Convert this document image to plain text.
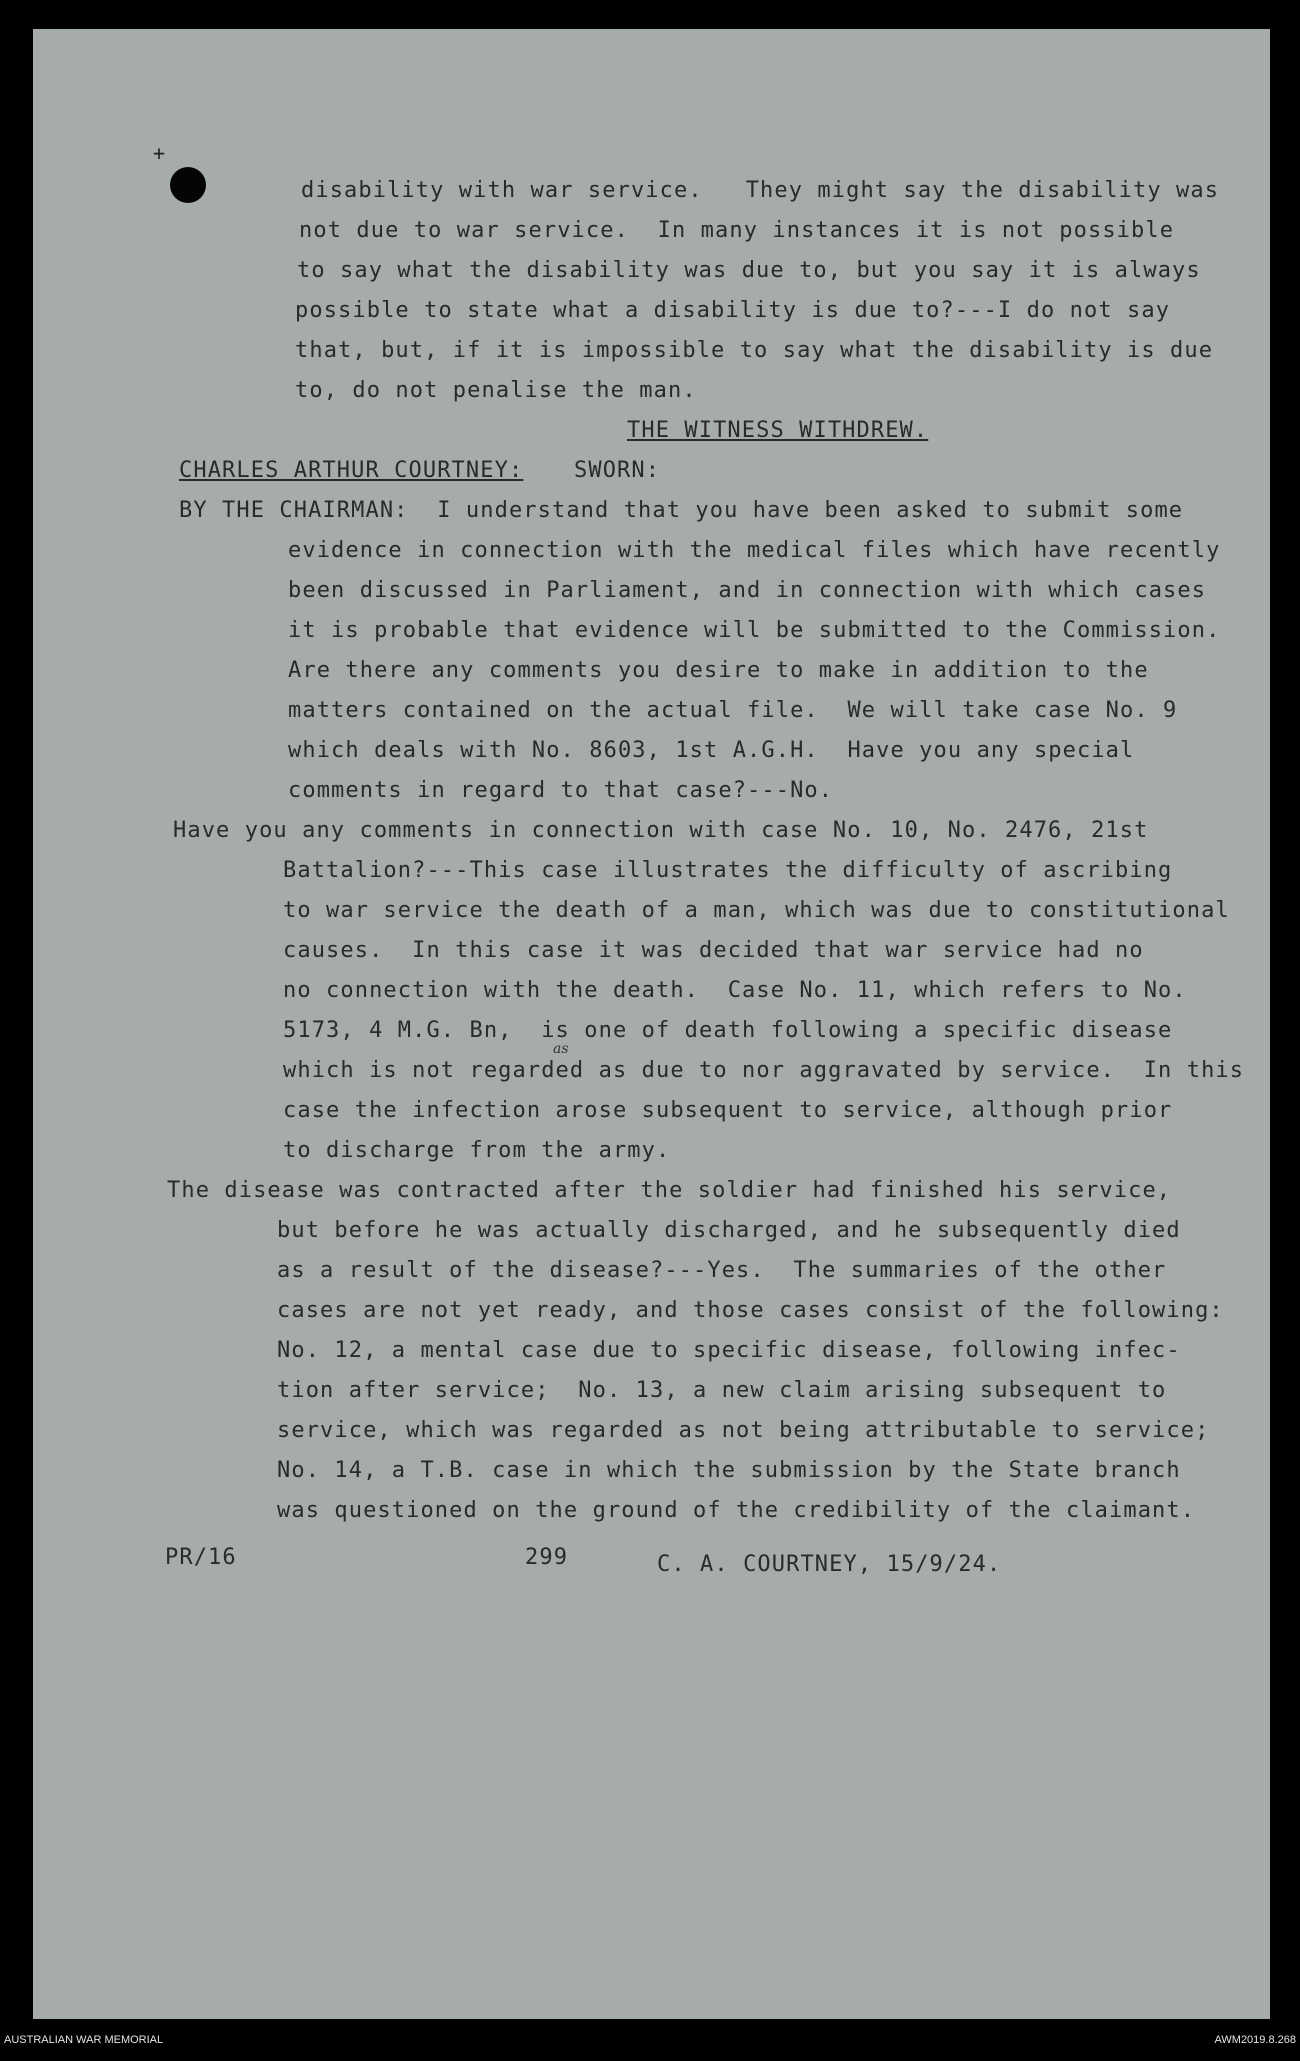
+
disability with war service.   They might say the disability was
not due to war service.  In many instances it is not possible
to say what the disability was due to, but you say it is always
possible to state what a disability is due to?---I do not say
that, but, if it is impossible to say what the disability is due
to, do not penalise the man.
THE WITNESS WITHDREW.
CHARLES ARTHUR COURTNEY: SWORN:
BY THE CHAIRMAN:  I understand that you have been asked to submit some
evidence in connection with the medical files which have recently
been discussed in Parliament, and in connection with which cases
it is probable that evidence will be submitted to the Commission.
Are there any comments you desire to make in addition to the
matters contained on the actual file.  We will take case No. 9
which deals with No. 8603, 1st A.G.H.  Have you any special
comments in regard to that case?---No.
Have you any comments in connection with case No. 10, No. 2476, 21st
Battalion?---This case illustrates the difficulty of ascribing
to war service the death of a man, which was due to constitutional
causes.  In this case it was decided that war service had no
no connection with the death.  Case No. 11, which refers to No.
5173, 4 M.G. Bn,  is one of death following a specific disease
as
which is not regarded as due to nor aggravated by service.  In this
case the infection arose subsequent to service, although prior
to discharge from the army.
The disease was contracted after the soldier had finished his service,
but before he was actually discharged, and he subsequently died
as a result of the disease?---Yes.  The summaries of the other
cases are not yet ready, and those cases consist of the following:
No. 12, a mental case due to specific disease, following infec-
tion after service;  No. 13, a new claim arising subsequent to
service, which was regarded as not being attributable to service;
No. 14, a T.B. case in which the submission by the State branch
was questioned on the ground of the credibility of the claimant.
PR/16	299	C. A. COURTNEY, 15/9/24.
AUSTRALIAN WAR MEMORIAL	AWM2019.8.268
